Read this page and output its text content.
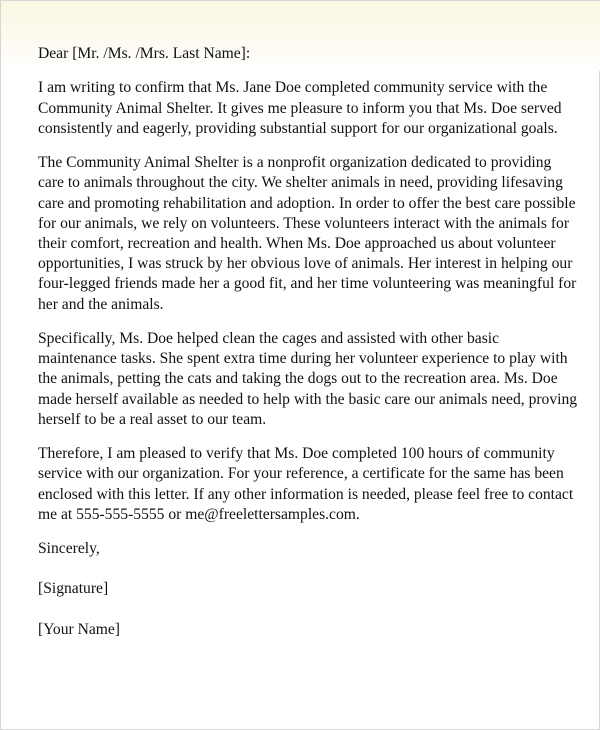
Dear [Mr. /Ms. /Mrs. Last Name]:
I am writing to confirm that Ms. Jane Doe completed community service with the
Community Animal Shelter. It gives me pleasure to inform you that Ms. Doe served
consistently and eagerly, providing substantial support for our organizational goals.
The Community Animal Shelter is a nonprofit organization dedicated to providing
care to animals throughout the city. We shelter animals in need, providing lifesaving
care and promoting rehabilitation and adoption. In order to offer the best care possible
for our animals, we rely on volunteers. These volunteers interact with the animals for
their comfort, recreation and health. When Ms. Doe approached us about volunteer
opportunities, I was struck by her obvious love of animals. Her interest in helping our
four-legged friends made her a good fit, and her time volunteering was meaningful for
her and the animals.
Specifically, Ms. Doe helped clean the cages and assisted with other basic
maintenance tasks. She spent extra time during her volunteer experience to play with
the animals, petting the cats and taking the dogs out to the recreation area. Ms. Doe
made herself available as needed to help with the basic care our animals need, proving
herself to be a real asset to our team.
Therefore, I am pleased to verify that Ms. Doe completed 100 hours of community
service with our organization. For your reference, a certificate for the same has been
enclosed with this letter. If any other information is needed, please feel free to contact
me at 555-555-5555 or me@freelettersamples.com.
Sincerely,
[Signature]
[Your Name]
